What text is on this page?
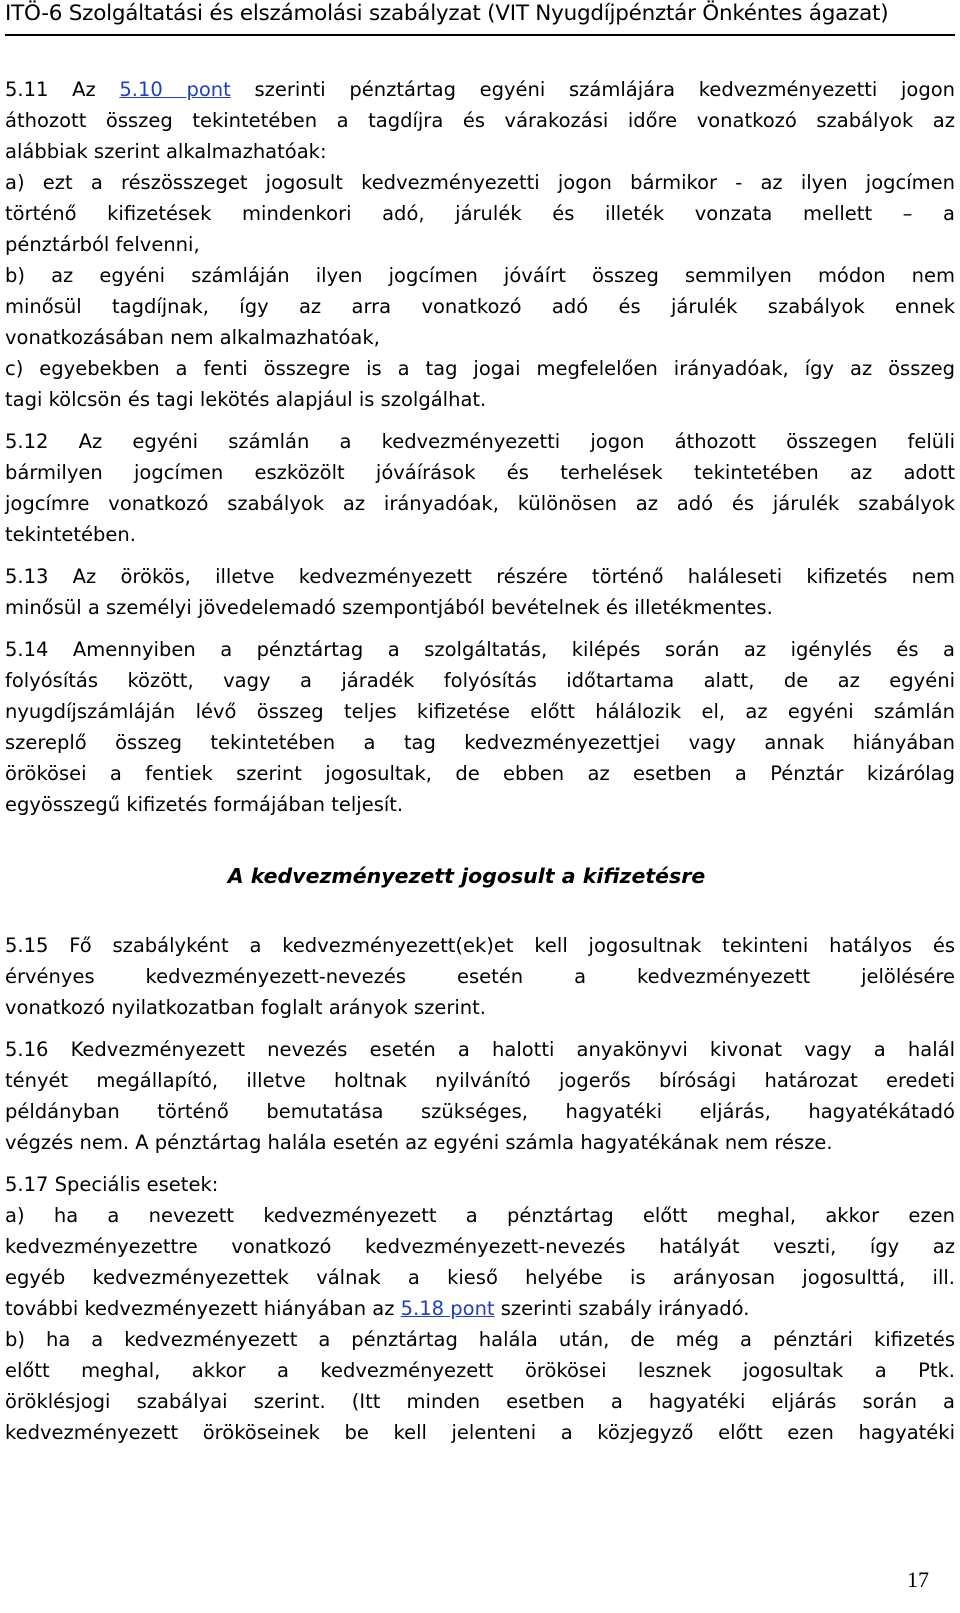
ITÖ-6 Szolgáltatási és elszámolási szabályzat (VIT Nyugdíjpénztár Önkéntes ágazat)
5.11 Az 5.10 pont szerinti pénztártag egyéni számlájára kedvezményezetti jogon
áthozott összeg tekintetében a tagdíjra és várakozási időre vonatkozó szabályok az
alábbiak szerint alkalmazhatóak:
a) ezt a részösszeget jogosult kedvezményezetti jogon bármikor - az ilyen jogcímen
történő kifizetések mindenkori adó, járulék és illeték vonzata mellett – a
pénztárból felvenni,
b) az egyéni számláján ilyen jogcímen jóváírt összeg semmilyen módon nem
minősül tagdíjnak, így az arra vonatkozó adó és járulék szabályok ennek
vonatkozásában nem alkalmazhatóak,
c) egyebekben a fenti összegre is a tag jogai megfelelően irányadóak, így az összeg
tagi kölcsön és tagi lekötés alapjául is szolgálhat.
5.12 Az egyéni számlán a kedvezményezetti jogon áthozott összegen felüli
bármilyen jogcímen eszközölt jóváírások és terhelések tekintetében az adott
jogcímre vonatkozó szabályok az irányadóak, különösen az adó és járulék szabályok
tekintetében.
5.13 Az örökös, illetve kedvezményezett részére történő haláleseti kifizetés nem
minősül a személyi jövedelemadó szempontjából bevételnek és illetékmentes.
5.14 Amennyiben a pénztártag a szolgáltatás, kilépés során az igénylés és a
folyósítás között, vagy a járadék folyósítás időtartama alatt, de az egyéni
nyugdíjszámláján lévő összeg teljes kifizetése előtt hálálozik el, az egyéni számlán
szereplő összeg tekintetében a tag kedvezményezettjei vagy annak hiányában
örökösei a fentiek szerint jogosultak, de ebben az esetben a Pénztár kizárólag
egyösszegű kifizetés formájában teljesít.
A kedvezményezett jogosult a kifizetésre
5.15 Fő szabályként a kedvezményezett(ek)et kell jogosultnak tekinteni hatályos és
érvényes kedvezményezett-nevezés esetén a kedvezményezett jelölésére
vonatkozó nyilatkozatban foglalt arányok szerint.
5.16 Kedvezményezett nevezés esetén a halotti anyakönyvi kivonat vagy a halál
tényét megállapító, illetve holtnak nyilvánító jogerős bírósági határozat eredeti
példányban történő bemutatása szükséges, hagyatéki eljárás, hagyatékátadó
végzés nem. A pénztártag halála esetén az egyéni számla hagyatékának nem része.
5.17 Speciális esetek:
a) ha a nevezett kedvezményezett a pénztártag előtt meghal, akkor ezen
kedvezményezettre vonatkozó kedvezményezett-nevezés hatályát veszti, így az
egyéb kedvezményezettek válnak a kieső helyébe is arányosan jogosulttá, ill.
további kedvezményezett hiányában az 5.18 pont szerinti szabály irányadó.
b) ha a kedvezményezett a pénztártag halála után, de még a pénztári kifizetés
előtt meghal, akkor a kedvezményezett örökösei lesznek jogosultak a Ptk.
öröklésjogi szabályai szerint. (Itt minden esetben a hagyatéki eljárás során a
kedvezményezett örököseinek be kell jelenteni a közjegyző előtt ezen hagyatéki
17
